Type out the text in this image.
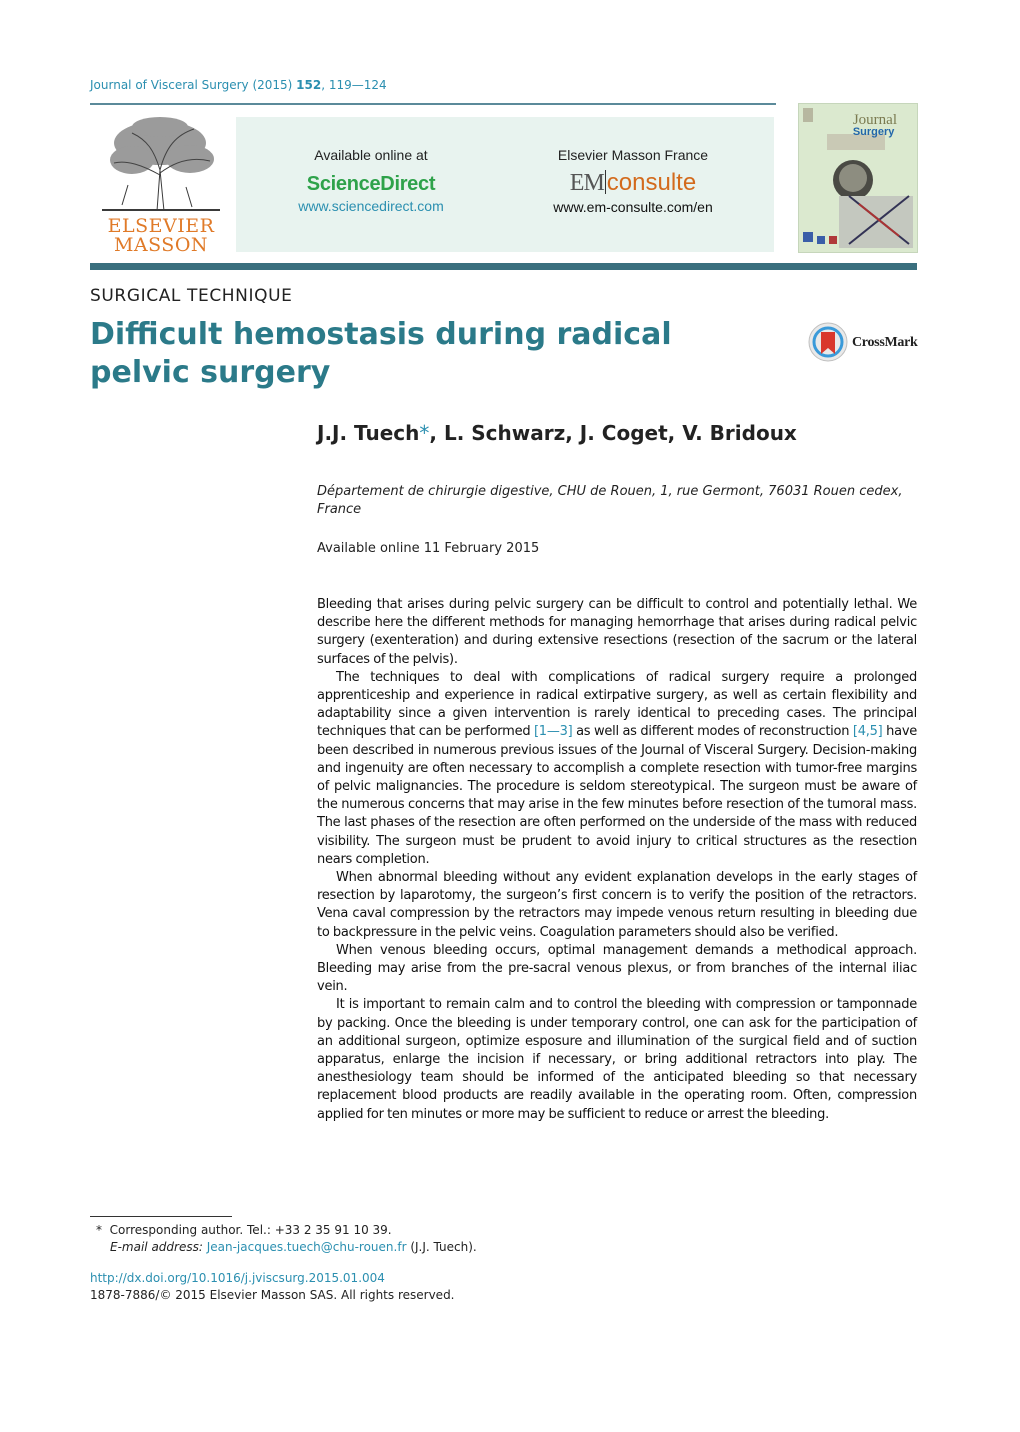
Journal of Visceral Surgery (2015) 152, 119—124
ELSEVIER
MASSON
Available online at
ScienceDirect
www.sciencedirect.com
Elsevier Masson France
EM consulte
www.em-consulte.com/en
Journal
Surgery
SURGICAL TECHNIQUE
Difficult hemostasis during radical pelvic surgery
CrossMark
J.J. Tuech*, L. Schwarz, J. Coget, V. Bridoux
Département de chirurgie digestive, CHU de Rouen, 1, rue Germont, 76031 Rouen cedex, France
Available online 11 February 2015

Bleeding that arises during pelvic surgery can be difficult to control and potentially lethal. We describe here the different methods for managing hemorrhage that arises during radical pelvic surgery (exenteration) and during extensive resections (resection of the sacrum or the lateral surfaces of the pelvis).

The techniques to deal with complications of radical surgery require a prolonged apprenticeship and experience in radical extirpative surgery, as well as certain flexibility and adaptability since a given intervention is rarely identical to preceding cases. The principal techniques that can be performed [1—3] as well as different modes of reconstruction [4,5] have been described in numerous previous issues of the Journal of Visceral Surgery. Decision-making and ingenuity are often necessary to accomplish a complete resection with tumor-free margins of pelvic malignancies. The procedure is seldom stereotypical. The surgeon must be aware of the numerous concerns that may arise in the few minutes before resection of the tumoral mass. The last phases of the resection are often performed on the underside of the mass with reduced visibility. The surgeon must be prudent to avoid injury to critical structures as the resection nears completion.

When abnormal bleeding without any evident explanation develops in the early stages of resection by laparotomy, the surgeon’s first concern is to verify the position of the retractors. Vena caval compression by the retractors may impede venous return resulting in bleeding due to backpressure in the pelvic veins. Coagulation parameters should also be verified.

When venous bleeding occurs, optimal management demands a methodical approach. Bleeding may arise from the pre-sacral venous plexus, or from branches of the internal iliac vein.

It is important to remain calm and to control the bleeding with compression or tamponnade by packing. Once the bleeding is under temporary control, one can ask for the participation of an additional surgeon, optimize esposure and illumination of the surgical field and of suction apparatus, enlarge the incision if necessary, or bring additional retractors into play. The anesthesiology team should be informed of the anticipated bleeding so that necessary replacement blood products are readily available in the operating room. Often, compression applied for ten minutes or more may be sufficient to reduce or arrest the bleeding.

* Corresponding author. Tel.: +33 2 35 91 10 39.
E-mail address: Jean-jacques.tuech@chu-rouen.fr (J.J. Tuech).
http://dx.doi.org/10.1016/j.jviscsurg.2015.01.004
1878-7886/© 2015 Elsevier Masson SAS. All rights reserved.
